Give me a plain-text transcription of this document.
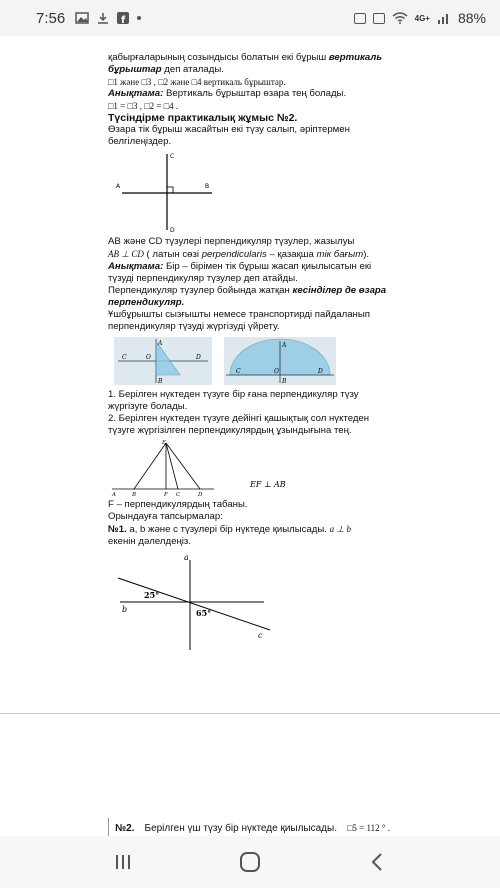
7:56	f	4G+ 88%

қабырғаларының созындысы болатын екі бұрыш вертикаль

бұрыштар деп аталады.

□1 және □3 , □2 және □4 вертикаль бұрыштар.

Анықтама: Вертикаль бұрыштар өзара тең болады.

□1 = □3 , □2 = □4 .

Түсіндірме практикалық жұмыс №2.

Өзара тік бұрыш жасайтын екі түзу салып, әріптермен белгілеңіздер.

A	B
C
D

AB және CD түзулері перпендикуляр түзулер, жазылуы

AB ⊥ CD ( латын сөзі perpendicularis – қазақша тік бағыт).

Анықтама: Бір – бірімен тік бұрыш жасап қиылысатын екі түзуді перпендикуляр түзулер деп атайды.

Перпендикуляр түзулер бойында жатқан кесінділер де өзара перпендикуляр.

Ұшбұрышты сызғышты немесе транспортирді пайдаланып перпендикуляр түзуді жүргізуді үйрету.

C	O	D
A
B
C	O	D
A
B

1. Берілген нүктеден түзуге бір ғана перпендикуляр түзу жүргізуге болады.

2. Берілген нүктеден түзуге дейінгі қашықтық сол нүктеден түзуге жүргізілген перпендикулярдың ұзындығына тең.

E
A	B	F C	D
EF ⊥ AB

F – перпендикулярдың табаны.

Орындауға тапсырмалар:

№1. a, b және c түзулері бір нүктеде қиылысады. a ⊥ b

екенін дәлелдеңіз.

a
b
c
25°
65°
№2. Берілген үш түзу бір нүктеде қиылысады. □5 = 112 ° .
